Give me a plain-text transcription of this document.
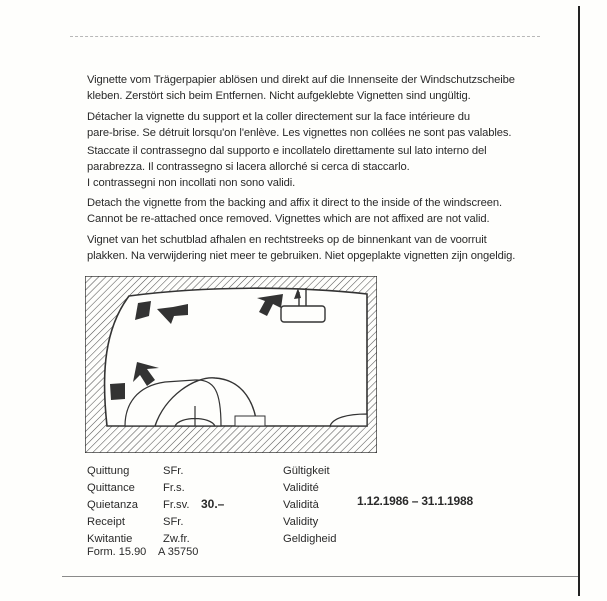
Vignette vom Trägerpapier ablösen und direkt auf die Innenseite der Windschutzscheibe
kleben. Zerstört sich beim Entfernen. Nicht aufgeklebte Vignetten sind ungültig.

Détacher la vignette du support et la coller directement sur la face intérieure du
pare-brise. Se détruit lorsqu'on l'enlève. Les vignettes non collées ne sont pas valables.

Staccate il contrassegno dal supporto e incollatelo direttamente sul lato interno del
parabrezza. Il contrassegno si lacera allorché si cerca di staccarlo.
I contrassegni non incollati non sono validi.

Detach the vignette from the backing and affix it direct to the inside of the windscreen.
Cannot be re-attached once removed. Vignettes which are not affixed are not valid.

Vignet van het schutblad afhalen en rechtstreeks op de binnenkant van de voorruit
plakken. Na verwijdering niet meer te gebruiken. Niet opgeplakte vignetten zijn ongeldig.

Quittung
Quittance
Quietanza
Receipt
Kwitantie
SFr.
Fr.s.
Fr.sv.
SFr.
Zw.fr.
30.–
Gültigkeit
Validité
Validità
Validity
Geldigheid
1.12.1986 – 31.1.1988
Form. 15.90 A 35750
